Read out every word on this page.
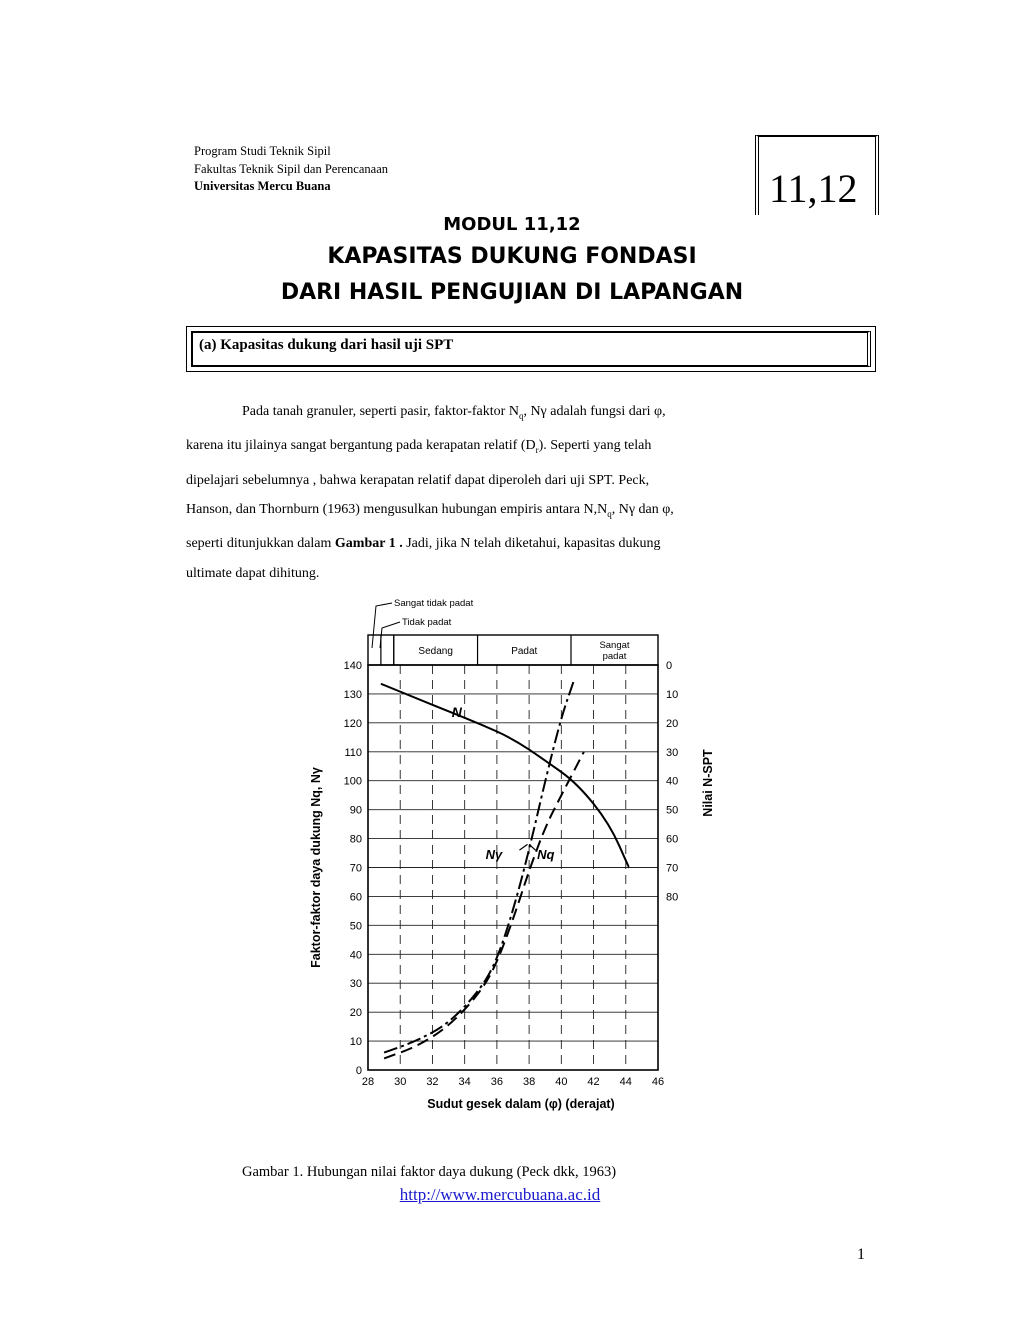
Program Studi Teknik Sipil
Fakultas Teknik Sipil dan Perencanaan
Universitas Mercu Buana	11,12
MODUL 11,12
KAPASITAS DUKUNG FONDASI
DARI HASIL PENGUJIAN DI LAPANGAN
(a) Kapasitas dukung dari hasil uji SPT

Pada tanah granuler, seperti pasir, faktor-faktor $N_q$, Nγ adalah fungsi dari φ,

karena itu jilainya sangat bergantung pada kerapatan relatif $(D_r)$. Seperti yang telah

dipelajari sebelumnya , bahwa kerapatan relatif dapat diperoleh dari uji SPT. Peck,

Hanson, dan Thornburn (1963) mengusulkan hubungan empiris antara $N,N_q$, Nγ dan φ,

seperti ditunjukkan dalam Gambar 1 . Jadi, jika N telah diketahui, kapasitas dukung

ultimate dapat dihitung.

Sedang	Padat
Sangat
padat
Sangat tidak padat
Tidak padat
0
10
20
30
40
50
60
70
80
90
100
110
120
130
140	0
10
20
30
40
50
60
70
80
28 30 32 34 36 38 40 42 44 46
Sudut gesek dalam (φ) (derajat)
Faktor-faktor daya dukung Nq, Nγ	Nilai N-SPT
N
Nγ	Nq
Gambar 1. Hubungan nilai faktor daya dukung (Peck dkk, 1963)
http://www.mercubuana.ac.id
1
